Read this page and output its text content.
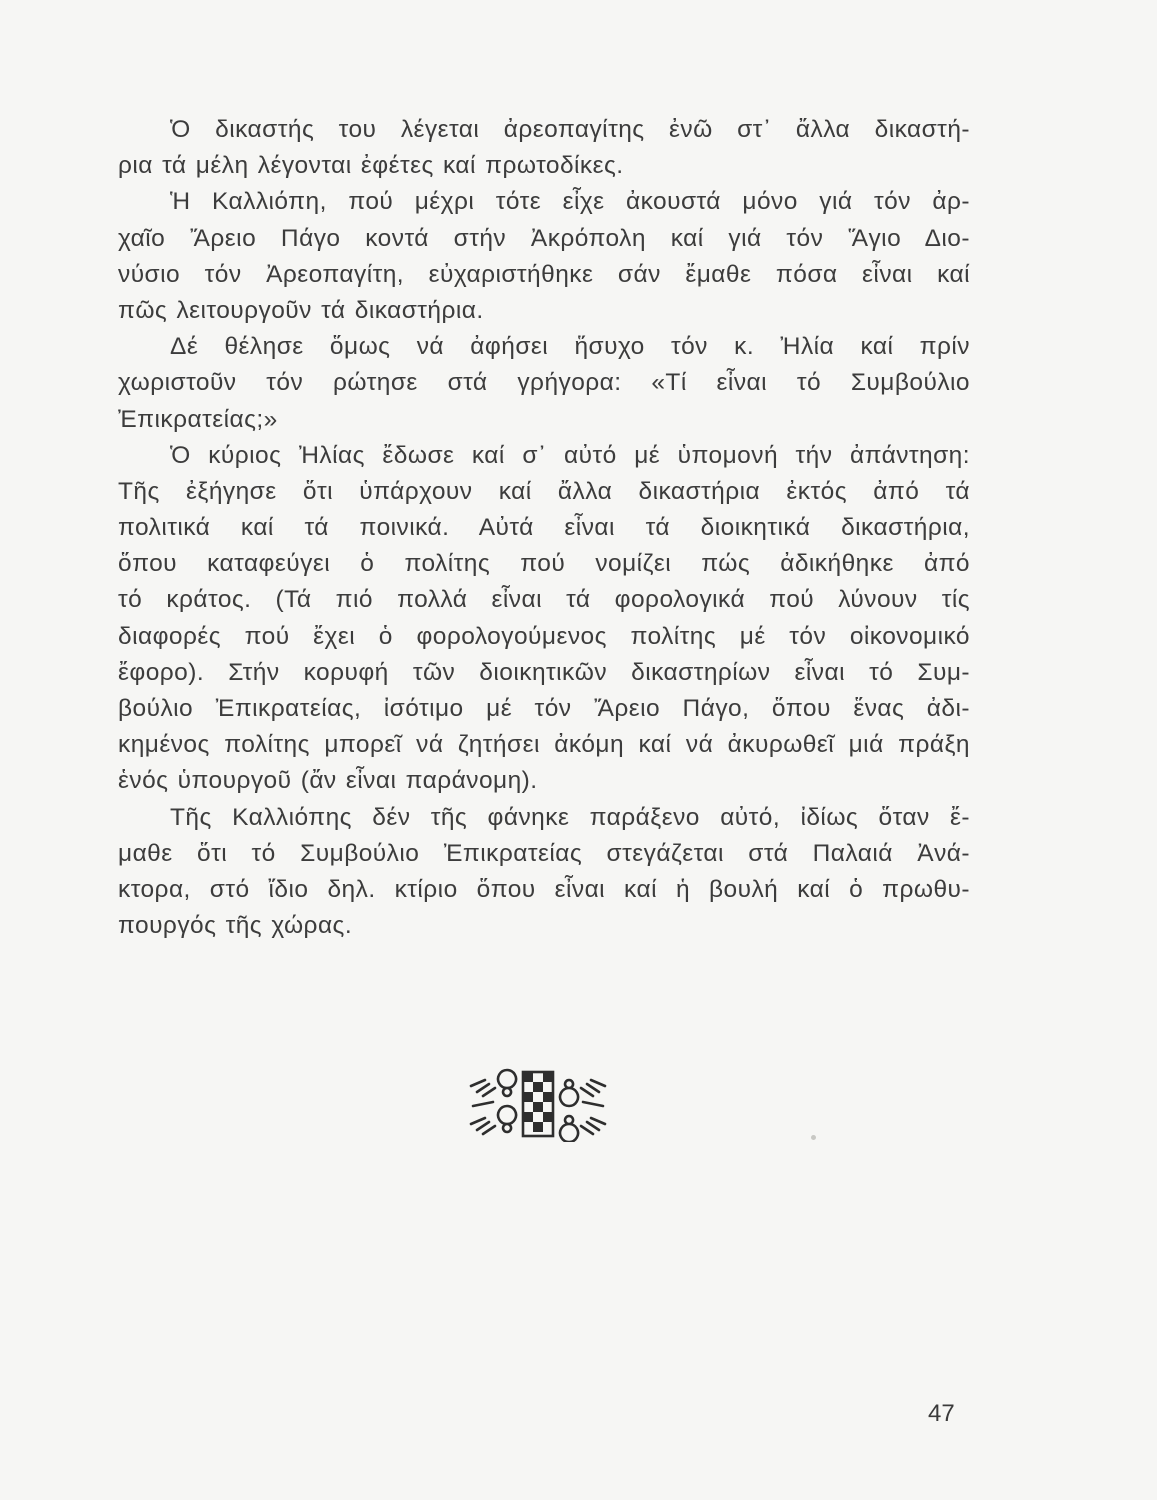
Ὁ δικαστής του λέγεται ἀρεοπαγίτης ἐνῶ στ᾽ ἄλλα δικαστή-
ρια τά μέλη λέγονται ἐφέτες καί πρωτοδίκες.
Ἡ Καλλιόπη, πού μέχρι τότε εἶχε ἀκουστά μόνο γιά τόν ἀρ-
χαῖο Ἄρειο Πάγο κοντά στήν Ἀκρόπολη καί γιά τόν Ἅγιο Διο-
νύσιο τόν Ἀρεοπαγίτη, εὐχαριστήθηκε σάν ἔμαθε πόσα εἶναι καί
πῶς λειτουργοῦν τά δικαστήρια.
Δέ θέλησε ὅμως νά ἀφήσει ἥσυχο τόν κ. Ἠλία καί πρίν
χωριστοῦν τόν ρώτησε στά γρήγορα: «Τί εἶναι τό Συμβούλιο
Ἐπικρατείας;»
Ὁ κύριος Ἠλίας ἔδωσε καί σ᾽ αὐτό μέ ὑπομονή τήν ἀπάντηση:
Τῆς ἐξήγησε ὅτι ὑπάρχουν καί ἄλλα δικαστήρια ἐκτός ἀπό τά
πολιτικά καί τά ποινικά. Αὐτά εἶναι τά διοικητικά δικαστήρια,
ὅπου καταφεύγει ὁ πολίτης πού νομίζει πώς ἀδικήθηκε ἀπό
τό κράτος. (Τά πιό πολλά εἶναι τά φορολογικά πού λύνουν τίς
διαφορές πού ἔχει ὁ φορολογούμενος πολίτης μέ τόν οἰκονομικό
ἔφορο). Στήν κορυφή τῶν διοικητικῶν δικαστηρίων εἶναι τό Συμ-
βούλιο Ἐπικρατείας, ἰσότιμο μέ τόν Ἄρειο Πάγο, ὅπου ἕνας ἀδι-
κημένος πολίτης μπορεῖ νά ζητήσει ἀκόμη καί νά ἀκυρωθεῖ μιά πράξη
ἑνός ὑπουργοῦ (ἄν εἶναι παράνομη).
Τῆς Καλλιόπης δέν τῆς φάνηκε παράξενο αὐτό, ἰδίως ὅταν ἔ-
μαθε ὅτι τό Συμβούλιο Ἐπικρατείας στεγάζεται στά Παλαιά Ἀνά-
κτορα, στό ἴδιο δηλ. κτίριο ὅπου εἶναι καί ἡ βουλή καί ὁ πρωθυ-
πουργός τῆς χώρας.
47
